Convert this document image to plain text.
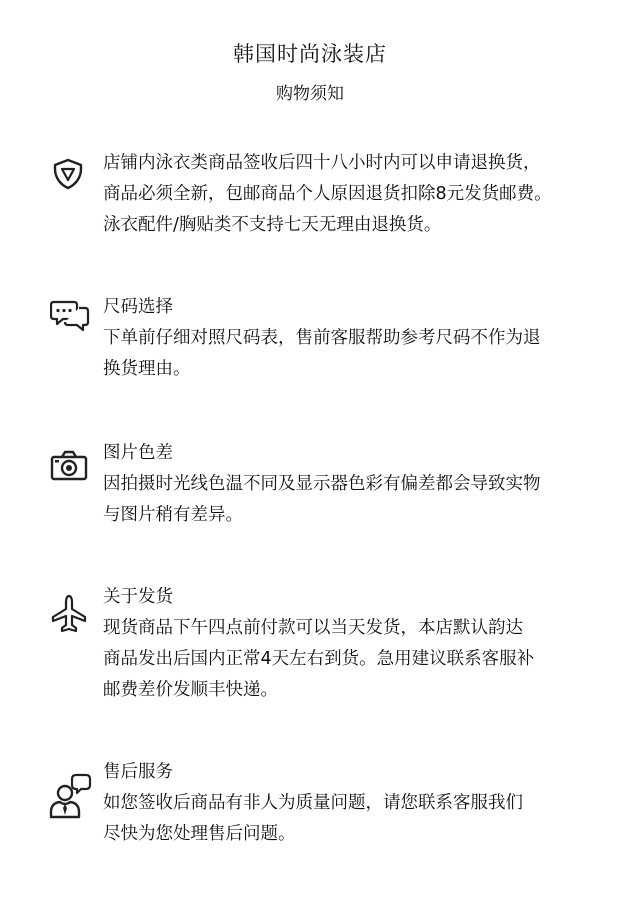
韩国时尚泳装店
购物须知
店铺内泳衣类商品签收后四十八小时内可以申请退换货，
商品必须全新，包邮商品个人原因退货扣除8元发货邮费。
泳衣配件/胸贴类不支持七天无理由退换货。
尺码选择
下单前仔细对照尺码表，售前客服帮助参考尺码不作为退
换货理由。
图片色差
因拍摄时光线色温不同及显示器色彩有偏差都会导致实物
与图片稍有差异。
关于发货
现货商品下午四点前付款可以当天发货，本店默认韵达
商品发出后国内正常4天左右到货。急用建议联系客服补
邮费差价发顺丰快递。
售后服务
如您签收后商品有非人为质量问题，请您联系客服我们
尽快为您处理售后问题。
